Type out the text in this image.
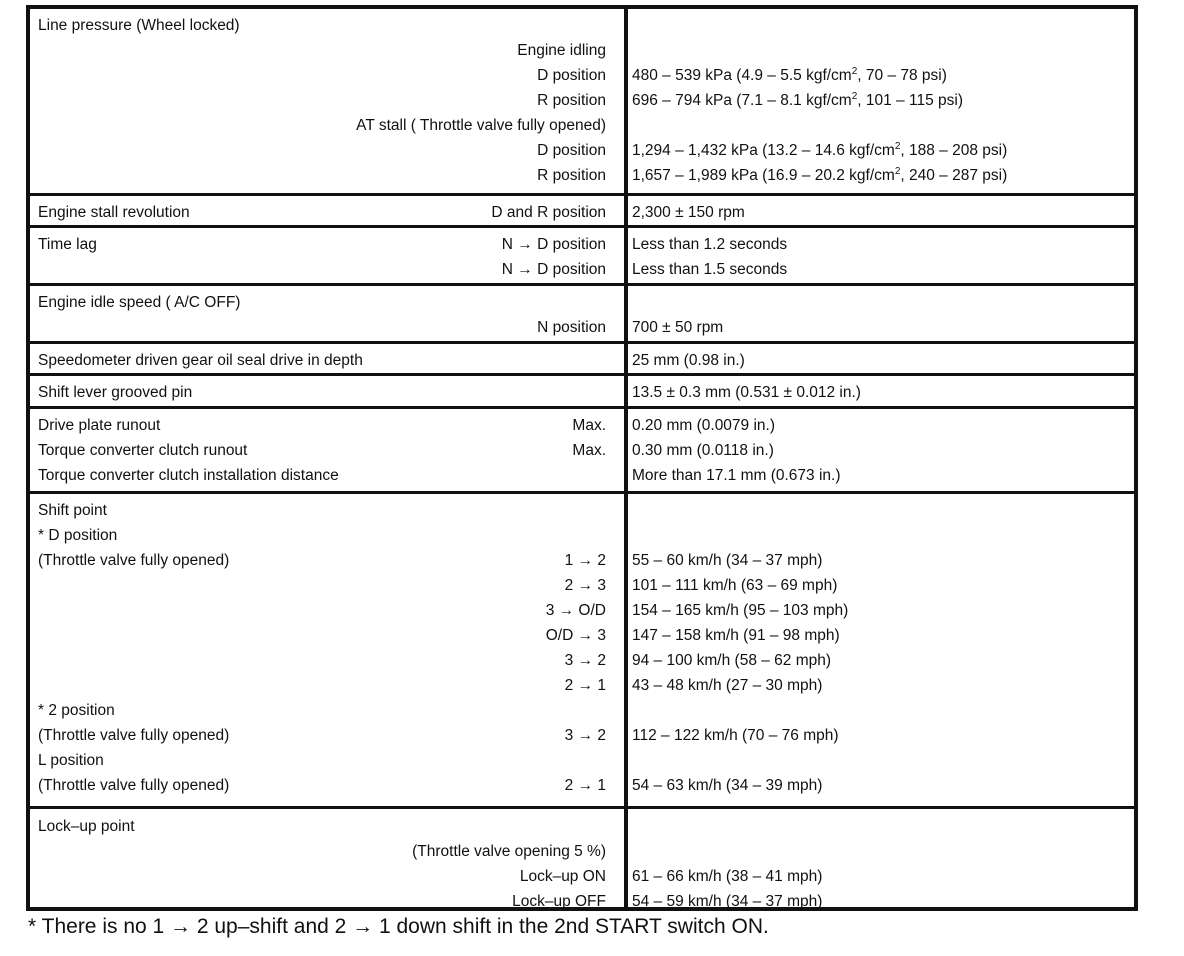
Line pressure (Wheel locked)
Engine idling
D position 480 – 539 kPa (4.9 – 5.5 kgf/$cm^2$, 70 – 78 psi)
R position 696 – 794 kPa (7.1 – 8.1 kgf/$cm^2$, 101 – 115 psi)
AT stall ( Throttle valve fully opened)
D position 1,294 – 1,432 kPa (13.2 – 14.6 kgf/$cm^2$, 188 – 208 psi)
R position 1,657 – 1,989 kPa (16.9 – 20.2 kgf/$cm^2$, 240 – 287 psi)
Engine stall revolution	D and R position 2,300 ± 150 rpm
Time lag	N → D position Less than 1.2 seconds
N → D position Less than 1.5 seconds
Engine idle speed ( A/C OFF)
N position 700 ± 50 rpm
Speedometer driven gear oil seal drive in depth	25 mm (0.98 in.)
Shift lever grooved pin	13.5 ± 0.3 mm (0.531 ± 0.012 in.)
Drive plate runout	Max. 0.20 mm (0.0079 in.)
Torque converter clutch runout	Max. 0.30 mm (0.0118 in.)
Torque converter clutch installation distance	More than 17.1 mm (0.673 in.)
Shift point
* D position
(Throttle valve fully opened)	1 → 2 55 – 60 km/h (34 – 37 mph)
2 → 3 101 – 111 km/h (63 – 69 mph)
3 → O/D 154 – 165 km/h (95 – 103 mph)
O/D → 3 147 – 158 km/h (91 – 98 mph)
3 → 2 94 – 100 km/h (58 – 62 mph)
2 → 1 43 – 48 km/h (27 – 30 mph)
* 2 position
(Throttle valve fully opened)	3 → 2 112 – 122 km/h (70 – 76 mph)
L position
(Throttle valve fully opened)	2 → 1 54 – 63 km/h (34 – 39 mph)
Lock–up point
(Throttle valve opening 5 %)
Lock–up ON 61 – 66 km/h (38 – 41 mph)
Lock–up OFF 54 – 59 km/h (34 – 37 mph)
* There is no 1 → 2 up–shift and 2 → 1 down shift in the 2nd START switch ON.
